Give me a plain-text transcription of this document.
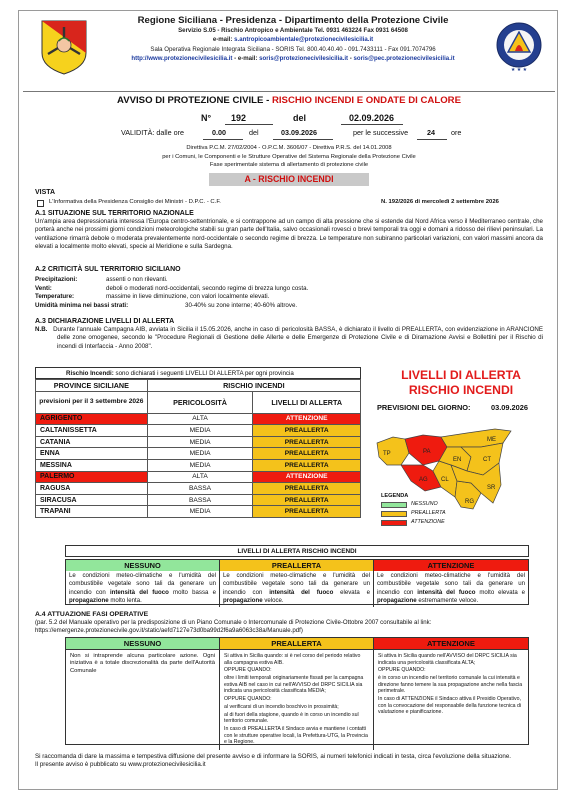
Regione Siciliana - Presidenza - Dipartimento della Protezione Civile
Servizio S.05 - Rischio Antropico e Ambientale Tel. 0931 463224 Fax 0931 64508
e-mail: s.antropicoambientale@protezionecivilesicilia.it
Sala Operativa Regionale Integrata Siciliana - SORIS Tel. 800.40.40.40 - 091.7433111 - Fax 091.7074796
http://www.protezionecivilesicilia.it - e-mail: soris@protezionecivilesicilia.it - soris@pec.protezionecivilesicilia.it
★ ★ ★
AVVISO DI PROTEZIONE CIVILE - RISCHIO INCENDI E ONDATE DI CALORE
N° 192	del	02.09.2026
VALIDITÀ: dalle ore	0.00	del	03.09.2026	per le successive	24 ore
Direttiva P.C.M. 27/02/2004 - O.P.C.M. 3606/07 - Direttiva P.R.S. del 14.01.2008
per i Comuni, le Componenti e le Strutture Operative del Sistema Regionale della Protezione Civile
Fase sperimentale sistema di allertamento di protezione civile
A - RISCHIO INCENDI
VISTA
L'Informativa della Presidenza Consiglio dei Ministri - D.P.C. - C.F.	N. 192/2026 di mercoledì 2 settembre 2026
A.1 SITUAZIONE SUL TERRITORIO NAZIONALE
Un'ampia area depressionaria interessa l'Europa centro-settentrionale, e si contrappone ad un campo di alta pressione che si estende dal Nord Africa verso il Mediterraneo centrale, che porterà anche nei prossimi giorni condizioni meteorologiche stabili su gran parte dell'Italia, salvo occasionali rovesci o brevi temporali tra oggi e domani a ridosso dei rilievi peninsulari. La ventilazione rimarrà debole o moderata prevalentemente nord-occidentale o secondo regime di brezza. Le temperature non subiranno particolari variazioni, con valori massimi ancora da elevati a localmente molto elevati, specie al Meridione e sulla Sardegna.
A.2 CRITICITÀ SUL TERRITORIO SICILIANO
Precipitazioni:	assenti o non rilevanti.
Venti:	deboli o moderati nord-occidentali, secondo regime di brezza lungo costa.
Temperature:	massime in lieve diminuzione, con valori localmente elevati.
Umidità minima nei bassi strati:	30-40% su zone interne; 40-60% altrove.
A.3 DICHIARAZIONE LIVELLI DI ALLERTA
N.B. Durante l'annuale Campagna AIB, avviata in Sicilia il 15.05.2026, anche in caso di pericolosità BASSA, è dichiarato il livello di PREALLERTA, con evidenziazione in ARANCIONE delle zone omogenee, secondo le "Procedure Regionali di Gestione delle Allerte e delle Emergenze di Protezione Civile e di Diramazione Avvisi e Bollettini per il Rischio di incendi di Interfaccia - Anno 2008".
Rischio Incendi: sono dichiarati i seguenti LIVELLI DI ALLERTA per ogni provincia
PROVINCE SICILIANE	RISCHIO INCENDI	
previsioni per il 3 settembre 2026	PERICOLOSITÀ	LIVELLI DI ALLERTA
AGRIGENTO	ALTA	ATTENZIONE
CALTANISSETTA	MEDIA	PREALLERTA
CATANIA	MEDIA	PREALLERTA
ENNA	MEDIA	PREALLERTA
MESSINA	MEDIA	PREALLERTA
PALERMO	ALTA	ATTENZIONE
RAGUSA	BASSA	PREALLERTA
SIRACUSA	BASSA	PREALLERTA
TRAPANI	MEDIA	PREALLERTA
LIVELLI DI ALLERTA
RISCHIO INCENDI
PREVISIONI DEL GIORNO:	03.09.2026
TP	PA
ME
AG CL
EN	CT
SR
RG
LEGENDA
NESSUNO
PREALLERTA
ATTENZIONE
LIVELLI DI ALLERTA RISCHIO INCENDI
NESSUNO
Le condizioni meteo-climatiche e l'umidità del combustibile vegetale sono tali da generare un incendio con intensità del fuoco molto bassa e propagazione molto lenta.
PREALLERTA
Le condizioni meteo-climatiche e l'umidità del combustibile vegetale sono tali da generare un incendio con intensità del fuoco elevata e propagazione veloce.
ATTENZIONE
Le condizioni meteo-climatiche e l'umidità del combustibile vegetale sono tali da generare un incendio con intensità del fuoco molto elevata e propagazione estremamente veloce.
A.4 ATTUAZIONE FASI OPERATIVE
(par. 5.2 del Manuale operativo per la predisposizione di un Piano Comunale o Intercomunale di Protezione Civile-Ottobre 2007 consultabile al link:
https://emergenze.protezionecivile.gov.it/static/aefd7127e73d0ba99d2f6a9a6063c38a/Manuale.pdf)
NESSUNO

Non si intraprende alcuna particolare azione. Ogni iniziativa è a totale discrezionalità da parte dell'Autorità Comunale

PREALLERTA

Si attiva in Sicilia quando: si è nel corso del periodo relativo alla campagna estiva AIB.

OPPURE QUANDO:

oltre i limiti temporali originariamente fissati per la campagna estiva AIB nel caso in cui nell'AVVISO del DRPC SICILIA sia indicata una pericolosità classificata MEDIA;

OPPURE QUANDO:

al verificarsi di un incendio boschivo in prossimità;

al di fuori della stagione, quando è in corso un incendio sul territorio comunale.

In caso di PREALLERTA il Sindaco avvia e mantiene i contatti con le strutture operative locali, la Prefettura-UTG, la Provincia e la Regione.

ATTENZIONE

Si attiva in Sicilia quando nell'AVVISO del DRPC SICILIA sia indicata una pericolosità classificata ALTA;

OPPURE QUANDO:

è in corso un incendio nel territorio comunale la cui intensità e direzione fanno temere la sua propagazione anche nella fascia perimetrale.

In caso di ATTENZIONE il Sindaco attiva il Presidio Operativo, con la convocazione del responsabile della funzione tecnica di valutazione e pianificazione.

Si raccomanda di dare la massima e tempestiva diffusione del presente avviso e di informare la SORIS, ai numeri telefonici indicati in testa, circa l'evoluzione della situazione.
Il presente avviso è pubblicato su www.protezionecivilesicilia.it
